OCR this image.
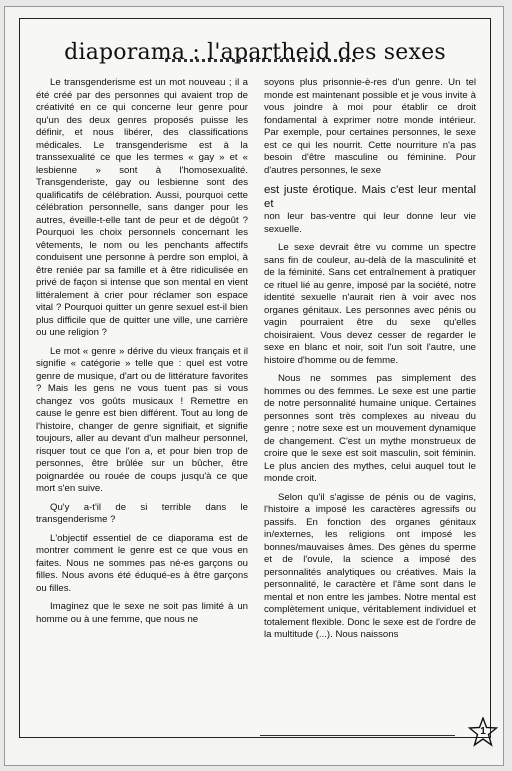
diaporama : l'apartheid des sexes

Le transgenderisme est un mot nouveau ; il a été créé par des personnes qui avaient trop de créativité en ce qui concerne leur genre pour qu'un des deux genres proposés puisse les définir, et nous libérer, des classifications médicales. Le transgenderisme est à la transsexualité ce que les termes « gay » et « lesbienne » sont à l'homosexualité. Transgenderiste, gay ou lesbienne sont des qualificatifs de célébration. Aussi, pourquoi cette célébration personnelle, sans danger pour les autres, éveille-t-elle tant de peur et de dégoût ? Pourquoi les choix personnels concernant les vêtements, le nom ou les penchants affectifs conduisent une personne à perdre son emploi, à être reniée par sa famille et à être ridiculisée en privé de façon si intense que son mental en vient littéralement à crier pour réclamer son espace vital ? Pourquoi quitter un genre sexuel est-il bien plus difficile que de quitter une ville, une carrière ou une religion ?

Le mot « genre » dérive du vieux français et il signifie « catégorie » telle que : quel est votre genre de musique, d'art ou de littérature favorites ? Mais les gens ne vous tuent pas si vous changez vos goûts musicaux ! Remettre en cause le genre est bien différent. Tout au long de l'histoire, changer de genre signifiait, et signifie toujours, aller au devant d'un malheur personnel, risquer tout ce que l'on a, et pour bien trop de personnes, être brûlée sur un bûcher, être poignardée ou rouée de coups jusqu'à ce que mort s'en suive.

Qu'y a-t'il de si terrible dans le transgenderisme ?

L'objectif essentiel de ce diaporama est de montrer comment le genre est ce que vous en faites. Nous ne sommes pas né-es garçons ou filles. Nous avons été éduqué-es à être garçons ou filles.

Imaginez que le sexe ne soit pas limité à un homme ou à une femme, que nous ne

soyons plus prisonnie-è-res d'un genre. Un tel monde est maintenant possible et je vous invite à vous joindre à moi pour établir ce droit fondamental à exprimer notre monde intérieur. Par exemple, pour certaines personnes, le sexe est ce qui les nourrit. Cette nourriture n'a pas besoin d'être masculine ou féminine. Pour d'autres personnes, le sexe

est juste érotique. Mais c'est leur mental et

non leur bas-ventre qui leur donne leur vie sexuelle.

Le sexe devrait être vu comme un spectre sans fin de couleur, au-delà de la masculinité et de la féminité. Sans cet entraînement à pratiquer ce rituel lié au genre, imposé par la société, notre identité sexuelle n'aurait rien à voir avec nos organes génitaux. Les personnes avec pénis ou vagin pourraient être du sexe qu'elles choisiraient. Vous devez cesser de regarder le sexe en blanc et noir, soit l'un soit l'autre, une histoire d'homme ou de femme.

Nous ne sommes pas simplement des hommes ou des femmes. Le sexe est une partie de notre personnalité humaine unique. Certaines personnes sont très complexes au niveau du genre ; notre sexe est un mouvement dynamique de changement. C'est un mythe monstrueux de croire que le sexe est soit masculin, soit féminin. Le plus ancien des mythes, celui auquel tout le monde croit.

Selon qu'il s'agisse de pénis ou de vagins, l'histoire a imposé les caractères agressifs ou passifs. En fonction des organes génitaux in/externes, les religions ont imposé les bonnes/mauvaises âmes. Des gènes du sperme et de l'ovule, la science a imposé des personnalités analytiques ou créatives. Mais la personnalité, le caractère et l'âme sont dans le mental et non entre les jambes. Notre mental est complètement unique, véritablement individuel et totalement flexible. Donc le sexe est de l'ordre de la multitude (...). Nous naissons

1
